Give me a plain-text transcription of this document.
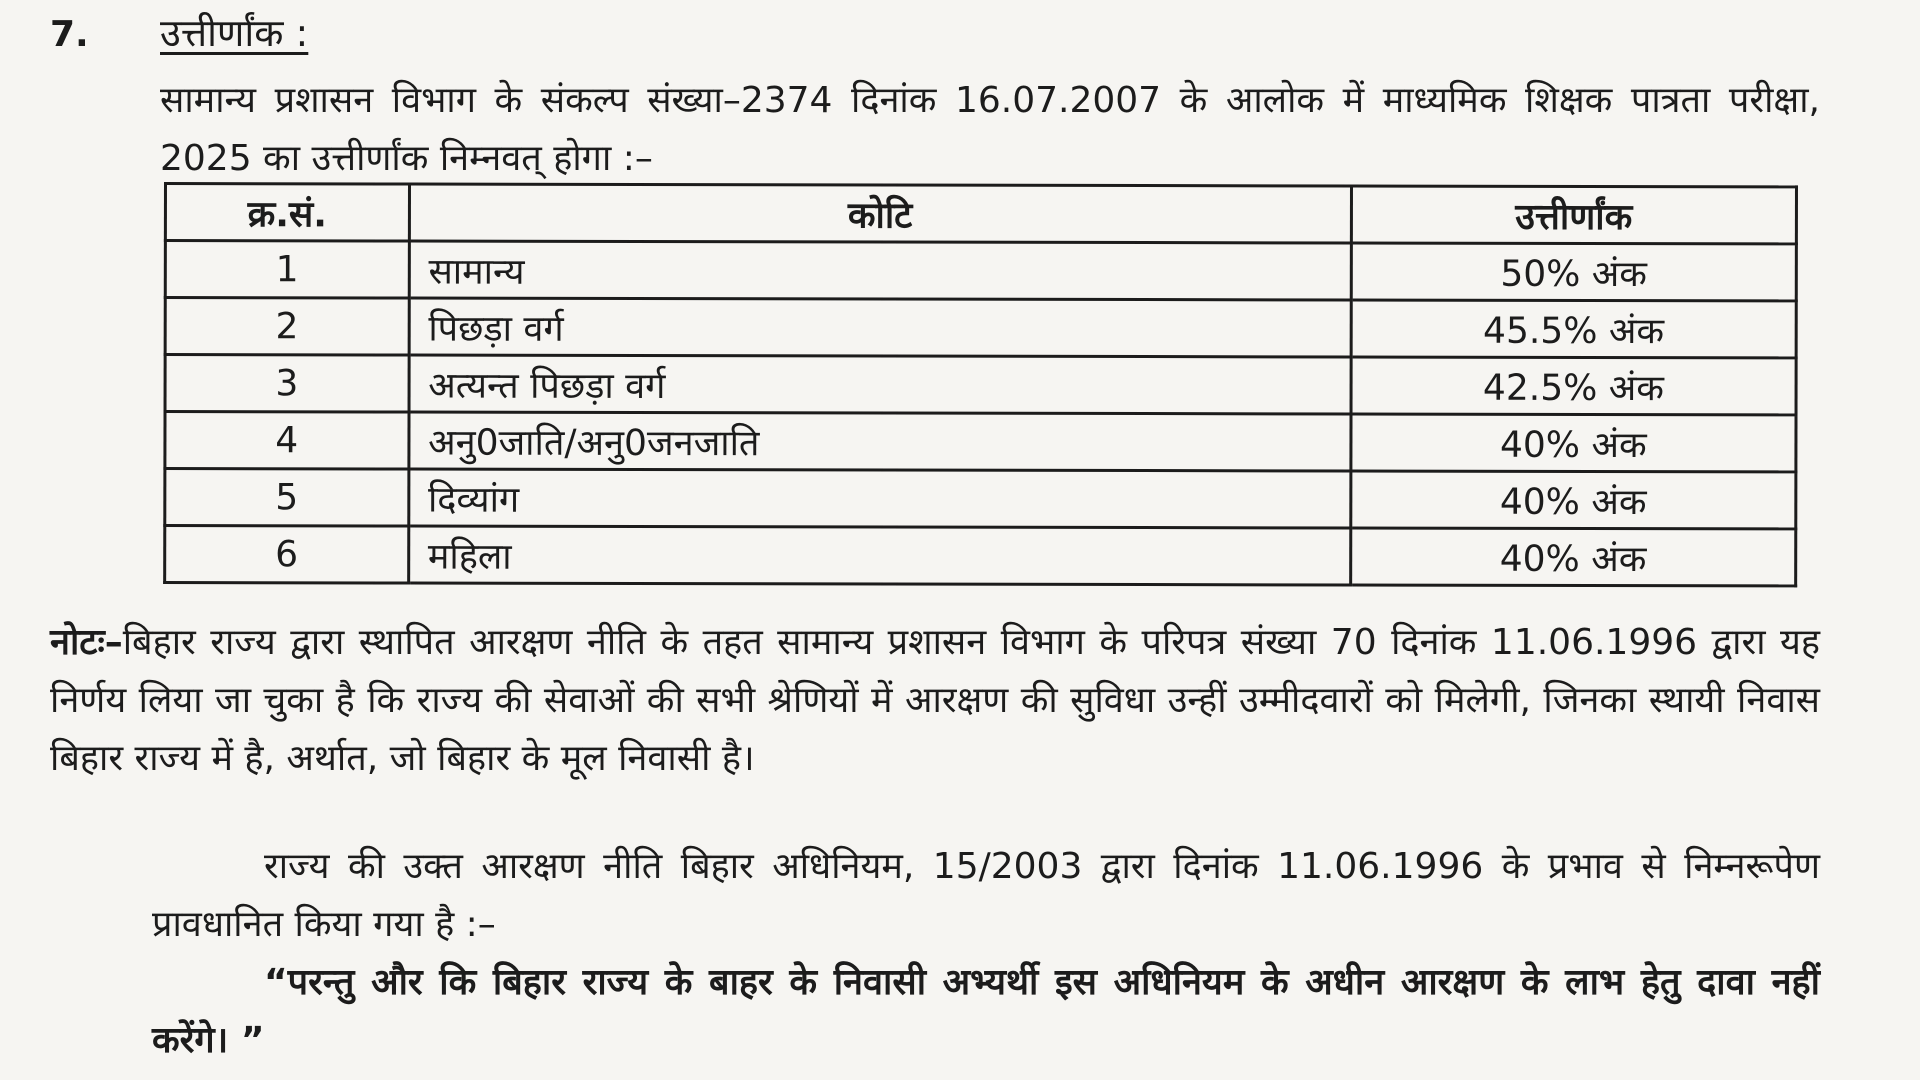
7. उत्तीर्णांक :
सामान्य प्रशासन विभाग के संकल्प संख्या–2374 दिनांक 16.07.2007 के आलोक में माध्यमिक शिक्षक पात्रता परीक्षा, 2025 का उत्तीर्णांक निम्नवत् होगा :–
क्र.सं.	कोटि	उत्तीर्णांक
1	सामान्य	50% अंक
2	पिछड़ा वर्ग	45.5% अंक
3	अत्यन्त पिछड़ा वर्ग	42.5% अंक
4	अनु0जाति/अनु0जनजाति	40% अंक
5	दिव्यांग	40% अंक
6	महिला	40% अंक
नोटः–बिहार राज्य द्वारा स्थापित आरक्षण नीति के तहत सामान्य प्रशासन विभाग के परिपत्र संख्या 70 दिनांक 11.06.1996 द्वारा यह निर्णय लिया जा चुका है कि राज्य की सेवाओं की सभी श्रेणियों में आरक्षण की सुविधा उन्हीं उम्मीदवारों को मिलेगी, जिनका स्थायी निवास बिहार राज्य में है, अर्थात, जो बिहार के मूल निवासी है।
राज्य की उक्त आरक्षण नीति बिहार अधिनियम, 15/2003 द्वारा दिनांक 11.06.1996 के प्रभाव से निम्नरूपेण प्रावधानित किया गया है :–
“परन्तु और कि बिहार राज्य के बाहर के निवासी अभ्यर्थी इस अधिनियम के अधीन आरक्षण के लाभ हेतु दावा नहीं करेंगे। ”
